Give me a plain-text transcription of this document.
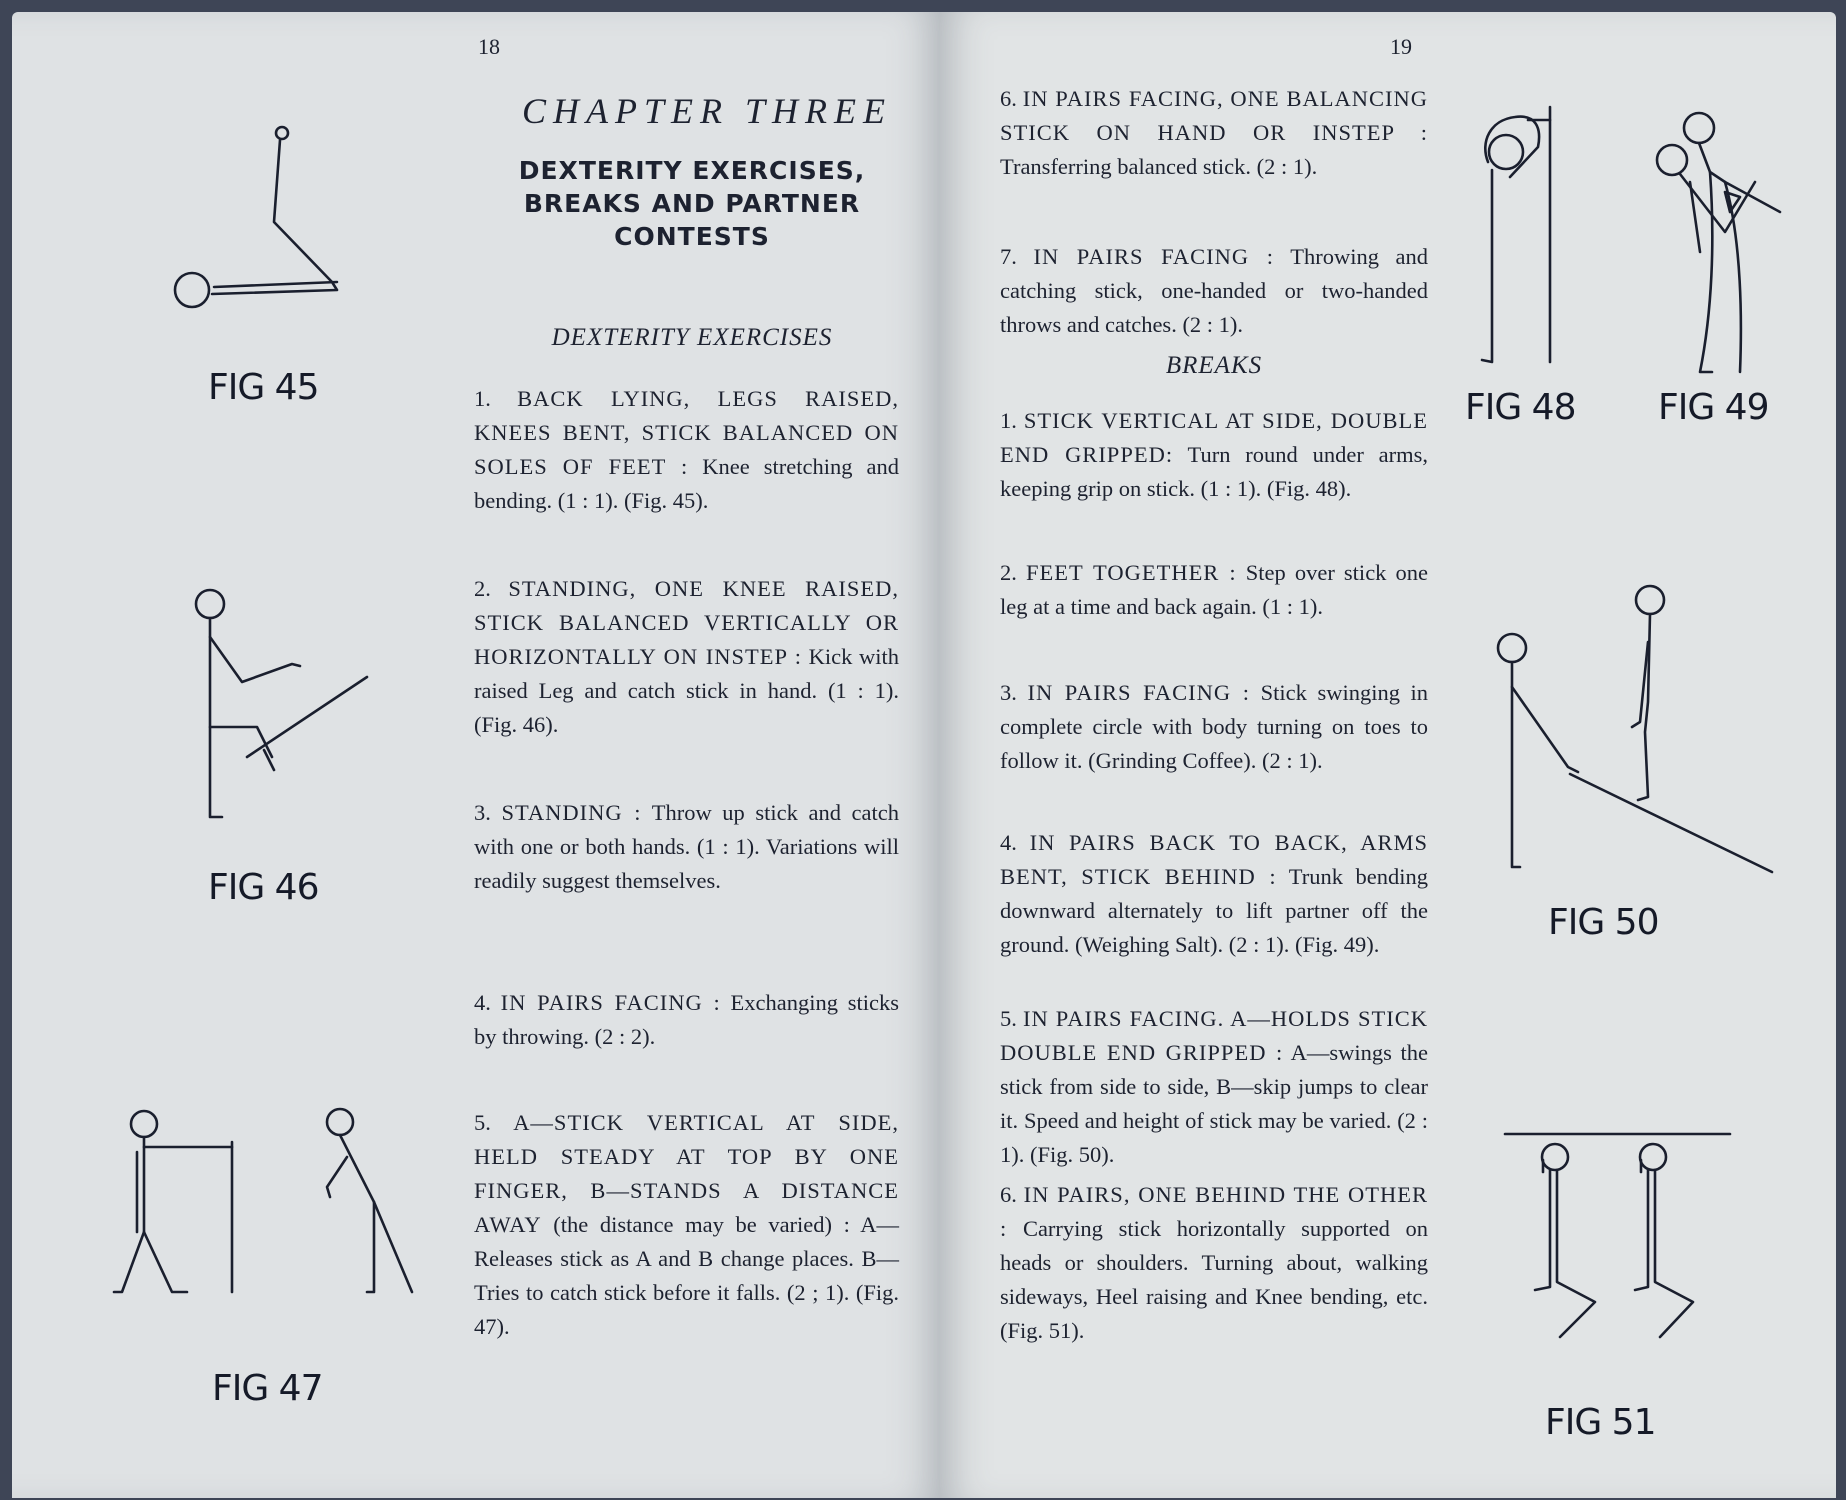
18
CHAPTER THREE
DEXTERITY EXERCISES, BREAKS AND PARTNER CONTESTS
DEXTERITY EXERCISES
1. BACK LYING, LEGS RAISED, KNEES BENT, STICK BALANCED ON SOLES OF FEET : Knee stretching and bending. (1 : 1). (Fig. 45).
2. STANDING, ONE KNEE RAISED, STICK BALANCED VERTICALLY OR HORIZONTALLY ON INSTEP : Kick with raised Leg and catch stick in hand. (1 : 1). (Fig. 46).
3. STANDING : Throw up stick and catch with one or both hands. (1 : 1). Variations will readily suggest themselves.
4. IN PAIRS FACING : Exchanging sticks by throwing. (2 : 2).
5. A—STICK VERTICAL AT SIDE, HELD STEADY AT TOP BY ONE FINGER, B—STANDS A DISTANCE AWAY (the distance may be varied) : A—Releases stick as A and B change places. B—Tries to catch stick before it falls. (2 ; 1). (Fig. 47).
FIG 45
FIG 46
FIG 47
19
6. IN PAIRS FACING, ONE BALANCING STICK ON HAND OR INSTEP : Transferring balanced stick. (2 : 1).
7. IN PAIRS FACING : Throwing and catching stick, one-handed or two-handed throws and catches. (2 : 1).
BREAKS
1. STICK VERTICAL AT SIDE, DOUBLE END GRIPPED: Turn round under arms, keeping grip on stick. (1 : 1). (Fig. 48).
2. FEET TOGETHER : Step over stick one leg at a time and back again. (1 : 1).
3. IN PAIRS FACING : Stick swinging in complete circle with body turning on toes to follow it. (Grinding Coffee). (2 : 1).
4. IN PAIRS BACK TO BACK, ARMS BENT, STICK BEHIND : Trunk bending downward alternately to lift partner off the ground. (Weighing Salt). (2 : 1). (Fig. 49).
5. IN PAIRS FACING. A—HOLDS STICK DOUBLE END GRIPPED : A—swings the stick from side to side, B—skip jumps to clear it. Speed and height of stick may be varied. (2 : 1). (Fig. 50).
6. IN PAIRS, ONE BEHIND THE OTHER : Carrying stick horizontally supported on heads or shoulders. Turning about, walking sideways, Heel raising and Knee bending, etc. (Fig. 51).
FIG 48 FIG 49
FIG 50
FIG 51
